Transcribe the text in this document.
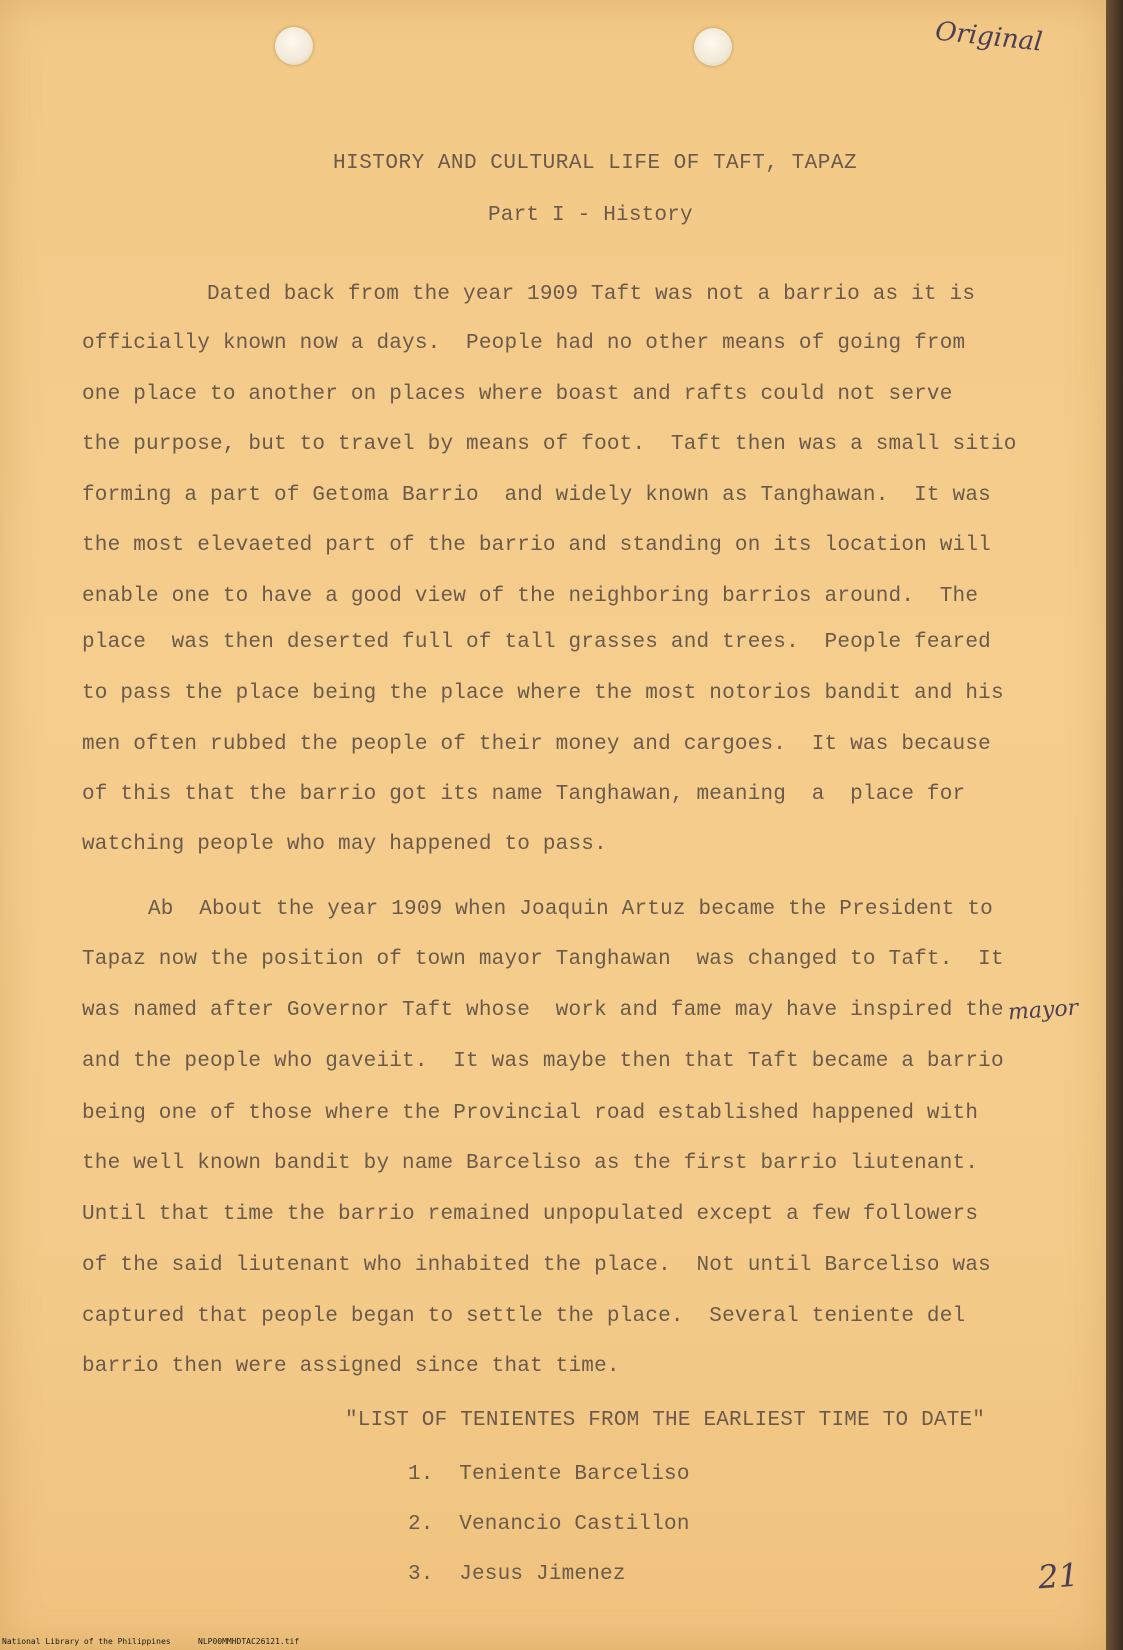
Original
HISTORY AND CULTURAL LIFE OF TAFT, TAPAZ
Part I - History
Dated back from the year 1909 Taft was not a barrio as it is
officially known now a days.  People had no other means of going from
one place to another on places where boast and rafts could not serve
the purpose, but to travel by means of foot.  Taft then was a small sitio
forming a part of Getoma Barrio  and widely known as Tanghawan.  It was
the most elevaeted part of the barrio and standing on its location will
enable one to have a good view of the neighboring barrios around.  The
place  was then deserted full of tall grasses and trees.  People feared
to pass the place being the place where the most notorios bandit and his
men often rubbed the people of their money and cargoes.  It was because
of this that the barrio got its name Tanghawan, meaning  a  place for
watching people who may happened to pass.
Ab  About the year 1909 when Joaquin Artuz became the President to
Tapaz now the position of town mayor Tanghawan  was changed to Taft.  It
was named after Governor Taft whose  work and fame may have inspired the
and the people who gaveiit.  It was maybe then that Taft became a barrio
being one of those where the Provincial road established happened with
the well known bandit by name Barceliso as the first barrio liutenant.
Until that time the barrio remained unpopulated except a few followers
of the said liutenant who inhabited the place.  Not until Barceliso was
captured that people began to settle the place.  Several teniente del
barrio then were assigned since that time.
mayor
"LIST OF TENIENTES FROM THE EARLIEST TIME TO DATE"
1.  Teniente Barceliso
2.  Venancio Castillon
3.  Jesus Jimenez	21
National Library of the Philippines	NLP00MMHDTAC26121.tif
